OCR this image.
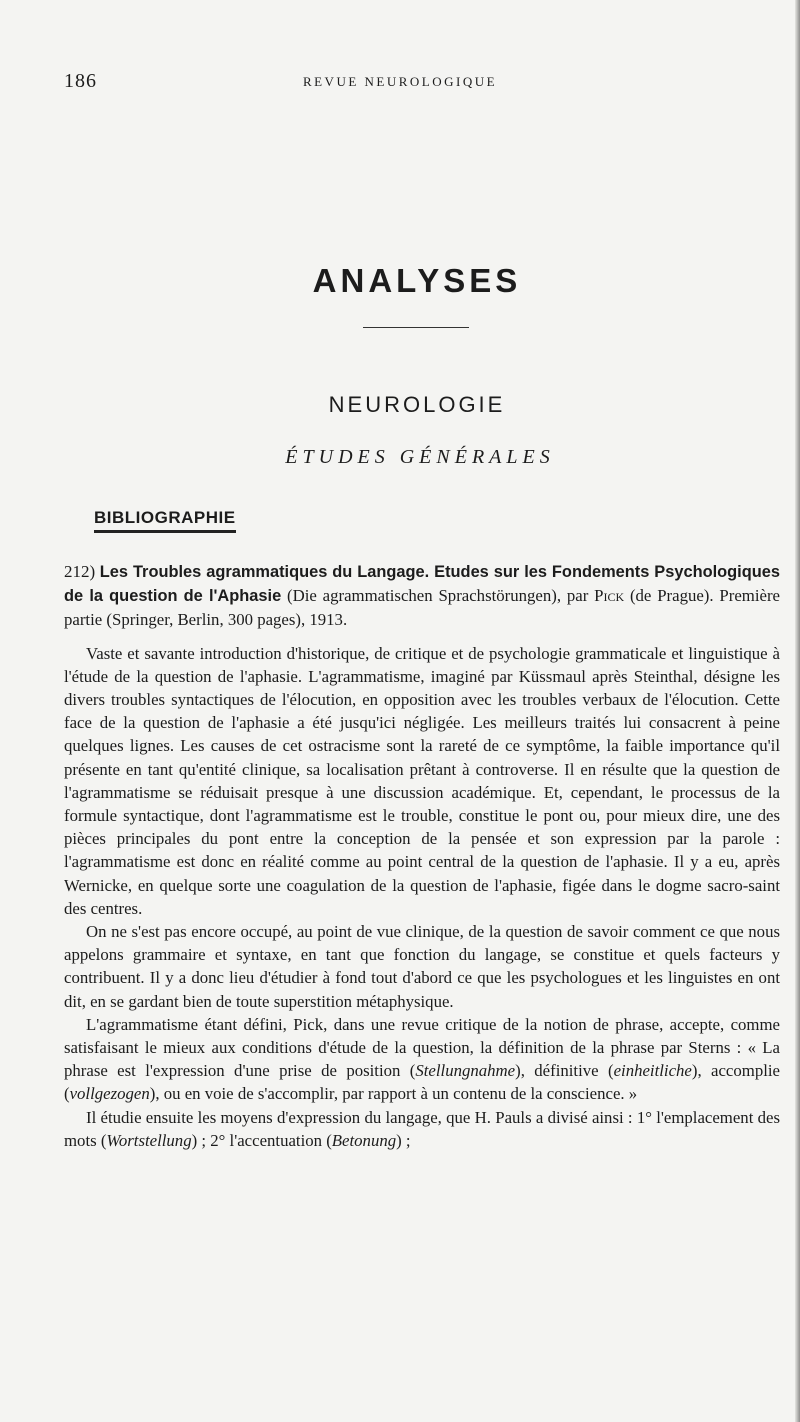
186	REVUE NEUROLOGIQUE
ANALYSES
NEUROLOGIE
ÉTUDES GÉNÉRALES
BIBLIOGRAPHIE

212) Les Troubles agrammatiques du Langage. Etudes sur les Fondements Psychologiques de la question de l'Aphasie (Die agrammatischen Sprachstörungen), par Pick (de Prague). Première partie (Springer, Berlin, 300 pages), 1913.

Vaste et savante introduction d'historique, de critique et de psychologie grammaticale et linguistique à l'étude de la question de l'aphasie. L'agrammatisme, imaginé par Küssmaul après Steinthal, désigne les divers troubles syntactiques de l'élocution, en opposition avec les troubles verbaux de l'élocution. Cette face de la question de l'aphasie a été jusqu'ici négligée. Les meilleurs traités lui consacrent à peine quelques lignes. Les causes de cet ostracisme sont la rareté de ce symptôme, la faible importance qu'il présente en tant qu'entité clinique, sa localisation prêtant à controverse. Il en résulte que la question de l'agrammatisme se réduisait presque à une discussion académique. Et, cependant, le processus de la formule syntactique, dont l'agrammatisme est le trouble, constitue le pont ou, pour mieux dire, une des pièces principales du pont entre la conception de la pensée et son expression par la parole : l'agrammatisme est donc en réalité comme au point central de la question de l'aphasie. Il y a eu, après Wernicke, en quelque sorte une coagulation de la question de l'aphasie, figée dans le dogme sacro-saint des centres.

On ne s'est pas encore occupé, au point de vue clinique, de la question de savoir comment ce que nous appelons grammaire et syntaxe, en tant que fonction du langage, se constitue et quels facteurs y contribuent. Il y a donc lieu d'étudier à fond tout d'abord ce que les psychologues et les linguistes en ont dit, en se gardant bien de toute superstition métaphysique.

L'agrammatisme étant défini, Pick, dans une revue critique de la notion de phrase, accepte, comme satisfaisant le mieux aux conditions d'étude de la question, la définition de la phrase par Sterns : « La phrase est l'expression d'une prise de position (Stellungnahme), définitive (einheitliche), accomplie (vollgezogen), ou en voie de s'accomplir, par rapport à un contenu de la conscience. »

Il étudie ensuite les moyens d'expression du langage, que H. Pauls a divisé ainsi : 1° l'emplacement des mots (Wortstellung) ; 2° l'accentuation (Betonung) ;
